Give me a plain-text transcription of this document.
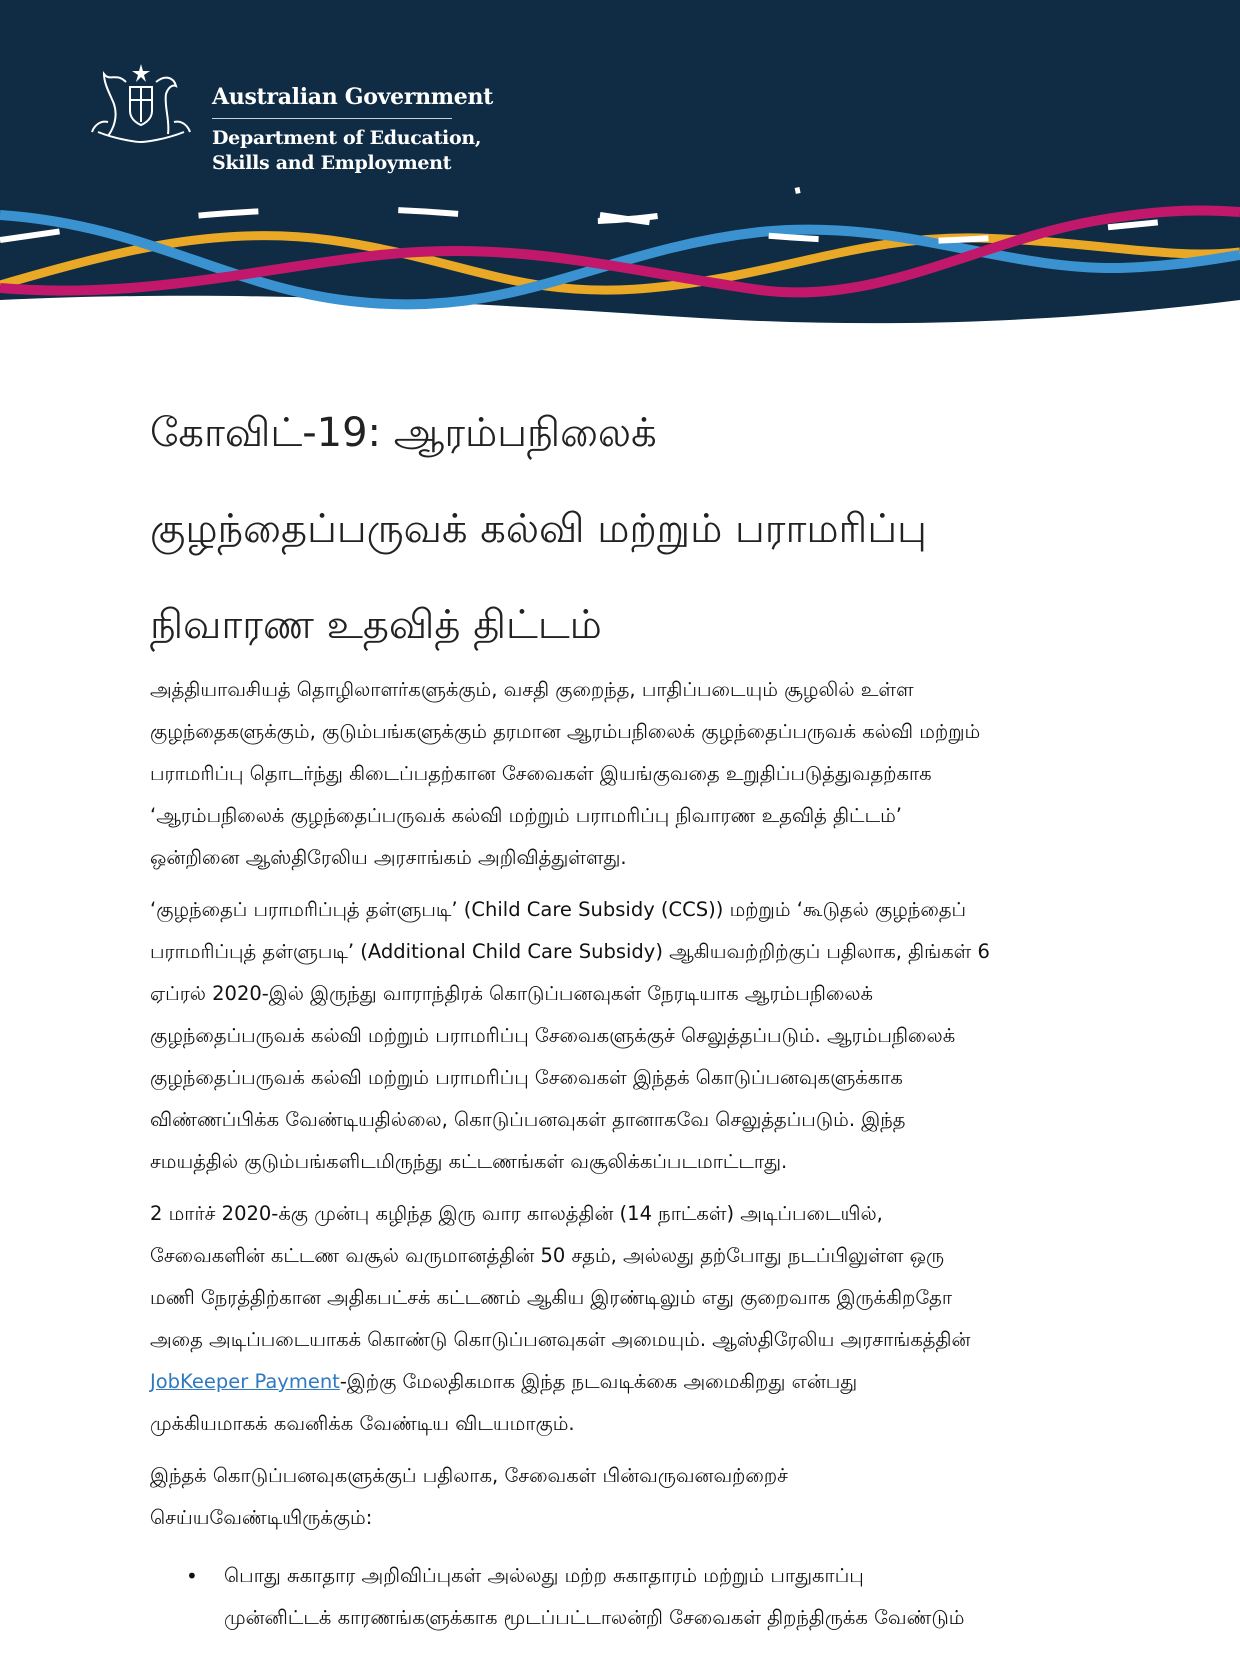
Australian Government
Department of Education,
Skills and Employment
கோவிட்-19: ஆரம்பநிலைக்
குழந்தைப்பருவக் கல்வி மற்றும் பராமரிப்பு
நிவாரண உதவித் திட்டம்

அத்தியாவசியத் தொழிலாளர்களுக்கும், வசதி குறைந்த, பாதிப்படையும் சூழலில் உள்ள
குழந்தைகளுக்கும், குடும்பங்களுக்கும் தரமான ஆரம்பநிலைக் குழந்தைப்பருவக் கல்வி மற்றும்
பராமரிப்பு தொடர்ந்து கிடைப்பதற்கான சேவைகள் இயங்குவதை உறுதிப்படுத்துவதற்காக
‘ஆரம்பநிலைக் குழந்தைப்பருவக் கல்வி மற்றும் பராமரிப்பு நிவாரண உதவித் திட்டம்’
ஒன்றினை ஆஸ்திரேலிய அரசாங்கம் அறிவித்துள்ளது.

‘குழந்தைப் பராமரிப்புத் தள்ளுபடி’ (Child Care Subsidy (CCS)) மற்றும் ‘கூடுதல் குழந்தைப்
பராமரிப்புத் தள்ளுபடி’ (Additional Child Care Subsidy) ஆகியவற்றிற்குப் பதிலாக, திங்கள் 6
ஏப்ரல் 2020-இல் இருந்து வாராந்திரக் கொடுப்பனவுகள் நேரடியாக ஆரம்பநிலைக்
குழந்தைப்பருவக் கல்வி மற்றும் பராமரிப்பு சேவைகளுக்குச் செலுத்தப்படும். ஆரம்பநிலைக்
குழந்தைப்பருவக் கல்வி மற்றும் பராமரிப்பு சேவைகள் இந்தக் கொடுப்பனவுகளுக்காக
விண்ணப்பிக்க வேண்டியதில்லை, கொடுப்பனவுகள் தானாகவே செலுத்தப்படும். இந்த
சமயத்தில் குடும்பங்களிடமிருந்து கட்டணங்கள் வசூலிக்கப்படமாட்டாது.

2 மார்ச் 2020-க்கு முன்பு கழிந்த இரு வார காலத்தின் (14 நாட்கள்) அடிப்படையில்,
சேவைகளின் கட்டண வசூல் வருமானத்தின் 50 சதம், அல்லது தற்போது நடப்பிலுள்ள ஒரு
மணி நேரத்திற்கான அதிகபட்சக் கட்டணம் ஆகிய இரண்டிலும் எது குறைவாக இருக்கிறதோ
அதை அடிப்படையாகக் கொண்டு கொடுப்பனவுகள் அமையும். ஆஸ்திரேலிய அரசாங்கத்தின்
JobKeeper Payment-இற்கு மேலதிகமாக இந்த நடவடிக்கை அமைகிறது என்பது
முக்கியமாகக் கவனிக்க வேண்டிய விடயமாகும்.

இந்தக் கொடுப்பனவுகளுக்குப் பதிலாக, சேவைகள் பின்வருவனவற்றைச்
செய்யவேண்டியிருக்கும்:

• பொது சுகாதார அறிவிப்புகள் அல்லது மற்ற சுகாதாரம் மற்றும் பாதுகாப்பு
முன்னிட்டக் காரணங்களுக்காக மூடப்பட்டாலன்றி சேவைகள் திறந்திருக்க வேண்டும்
